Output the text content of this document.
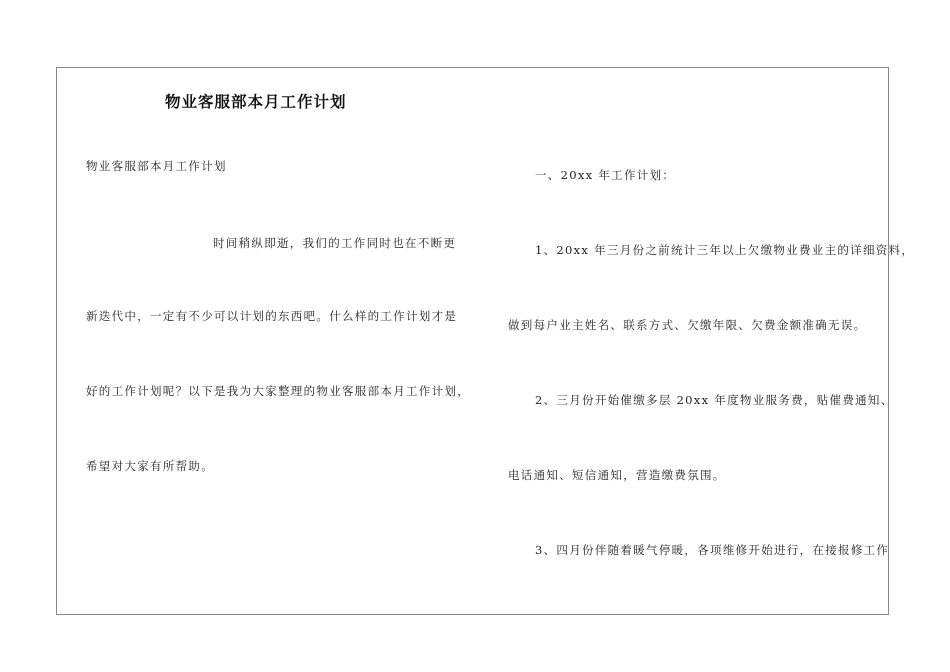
物业客服部本月工作计划
物业客服部本月工作计划
时间稍纵即逝，我们的工作同时也在不断更
新迭代中，一定有不少可以计划的东西吧。什么样的工作计划才是
好的工作计划呢？以下是我为大家整理的物业客服部本月工作计划，
希望对大家有所帮助。
一、20xx 年工作计划：
1、20xx 年三月份之前统计三年以上欠缴物业费业主的详细资料，
做到每户业主姓名、联系方式、欠缴年限、欠费金额准确无误。
2、三月份开始催缴多层 20xx 年度物业服务费，贴催费通知、
电话通知、短信通知，营造缴费氛围。
3、四月份伴随着暖气停暖，各项维修开始进行，在接报修工作
